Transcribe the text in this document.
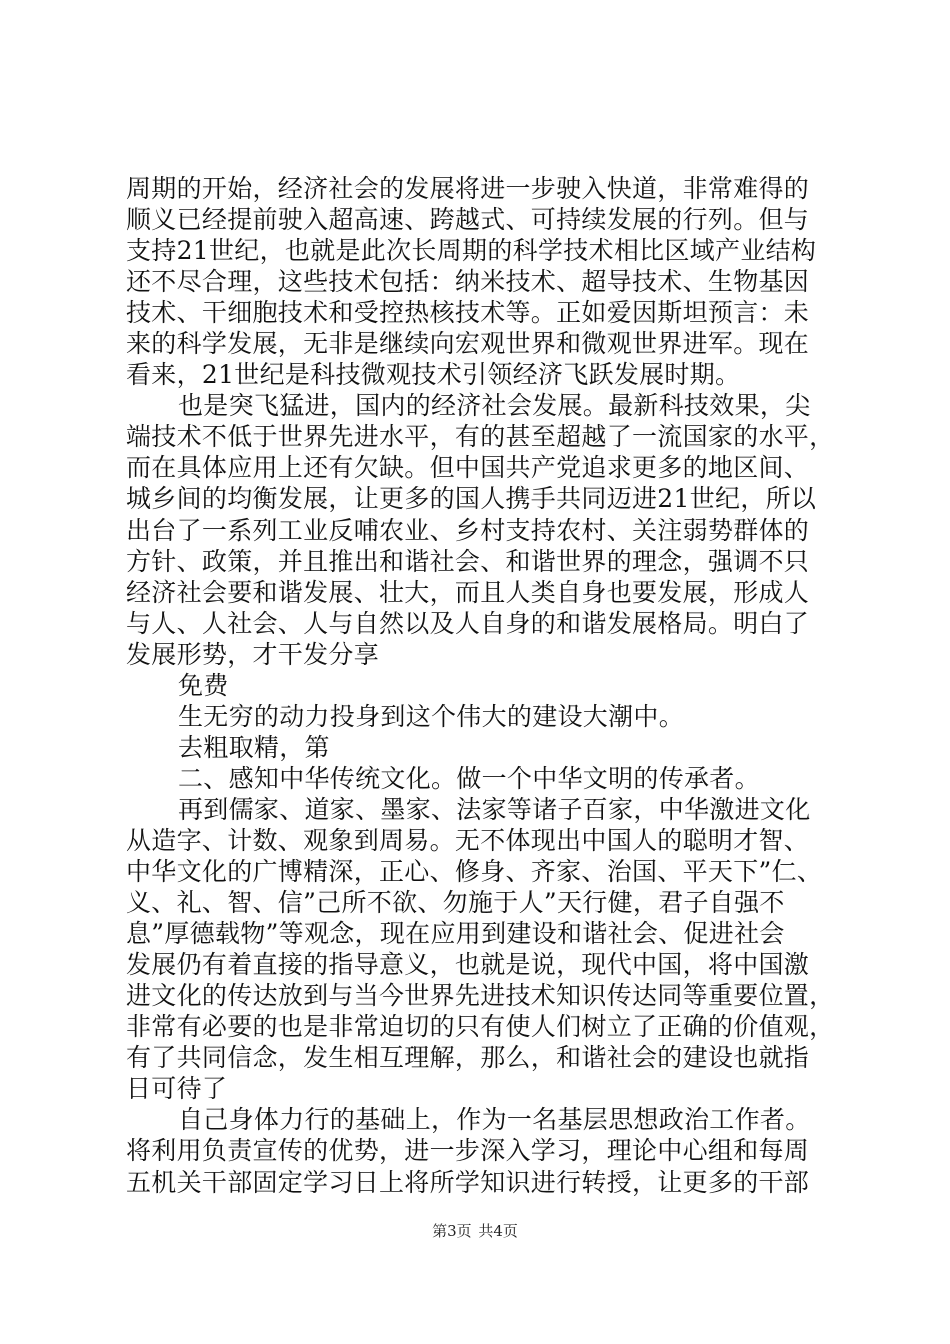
周期的开始，经济社会的发展将进一步驶入快道，非常难得的
顺义已经提前驶入超高速、跨越式、可持续发展的行列。但与
支持21世纪，也就是此次长周期的科学技术相比区域产业结构
还不尽合理，这些技术包括：纳米技术、超导技术、生物基因
技术、干细胞技术和受控热核技术等。正如爱因斯坦预言：未
来的科学发展，无非是继续向宏观世界和微观世界进军。现在
看来，21世纪是科技微观技术引领经济飞跃发展时期。
也是突飞猛进，国内的经济社会发展。最新科技效果，尖
端技术不低于世界先进水平，有的甚至超越了一流国家的水平，
而在具体应用上还有欠缺。但中国共产党追求更多的地区间、
城乡间的均衡发展，让更多的国人携手共同迈进21世纪，所以
出台了一系列工业反哺农业、乡村支持农村、关注弱势群体的
方针、政策，并且推出和谐社会、和谐世界的理念，强调不只
经济社会要和谐发展、壮大，而且人类自身也要发展，形成人
与人、人社会、人与自然以及人自身的和谐发展格局。明白了
发展形势，才干发分享
免费
生无穷的动力投身到这个伟大的建设大潮中。
去粗取精，第
二、感知中华传统文化。做一个中华文明的传承者。
再到儒家、道家、墨家、法家等诸子百家，中华激进文化
从造字、计数、观象到周易。无不体现出中国人的聪明才智、
中华文化的广博精深，正心、修身、齐家、治国、平天下”仁、
义、礼、智、信”己所不欲、勿施于人”天行健，君子自强不
息”厚德载物”等观念，现在应用到建设和谐社会、促进社会
发展仍有着直接的指导意义，也就是说，现代中国，将中国激
进文化的传达放到与当今世界先进技术知识传达同等重要位置，
非常有必要的也是非常迫切的只有使人们树立了正确的价值观，
有了共同信念，发生相互理解，那么，和谐社会的建设也就指
日可待了
自己身体力行的基础上，作为一名基层思想政治工作者。
将利用负责宣传的优势，进一步深入学习，理论中心组和每周
五机关干部固定学习日上将所学知识进行转授，让更多的干部
第3页 共4页
